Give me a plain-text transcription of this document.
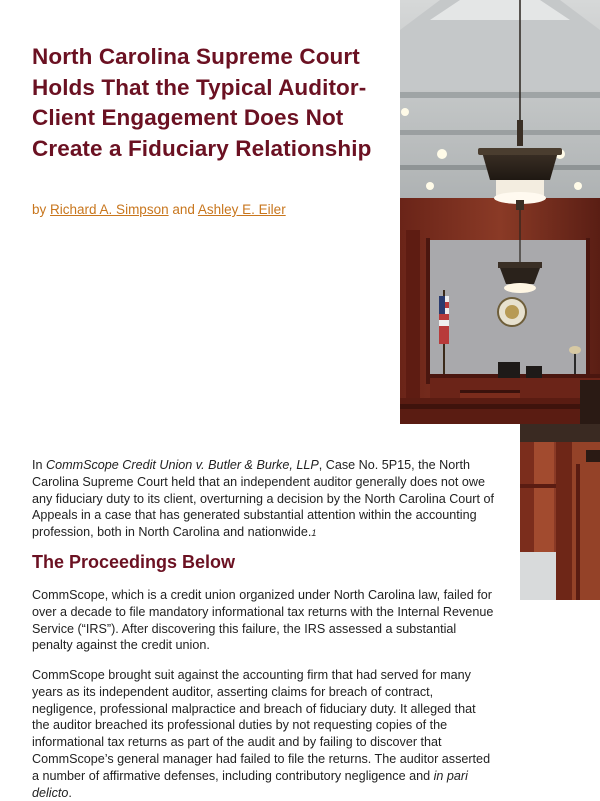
North Carolina Supreme Court Holds That the Typical Auditor-Client Engagement Does Not Create a Fiduciary Relationship

by Richard A. Simpson and Ashley E. Eiler

In CommScope Credit Union v. Butler & Burke, LLP, Case No. 5P15, the North Carolina Supreme Court held that an independent auditor generally does not owe any fiduciary duty to its client, overturning a decision by the North Carolina Court of Appeals in a case that has generated substantial attention within the accounting profession, both in North Carolina and nationwide.1

The Proceedings Below

CommScope, which is a credit union organized under North Carolina law, failed for over a decade to file mandatory informational tax returns with the Internal Revenue Service (“IRS”). After discovering this failure, the IRS assessed a substantial penalty against the credit union.

CommScope brought suit against the accounting firm that had served for many years as its independent auditor, asserting claims for breach of contract, negligence, professional malpractice and breach of fiduciary duty. It alleged that the auditor breached its professional duties by not requesting copies of the informational tax returns as part of the audit and by failing to discover that CommScope’s general manager had failed to file the returns. The auditor asserted a number of affirmative defenses, including contributory negligence and in pari delicto.
